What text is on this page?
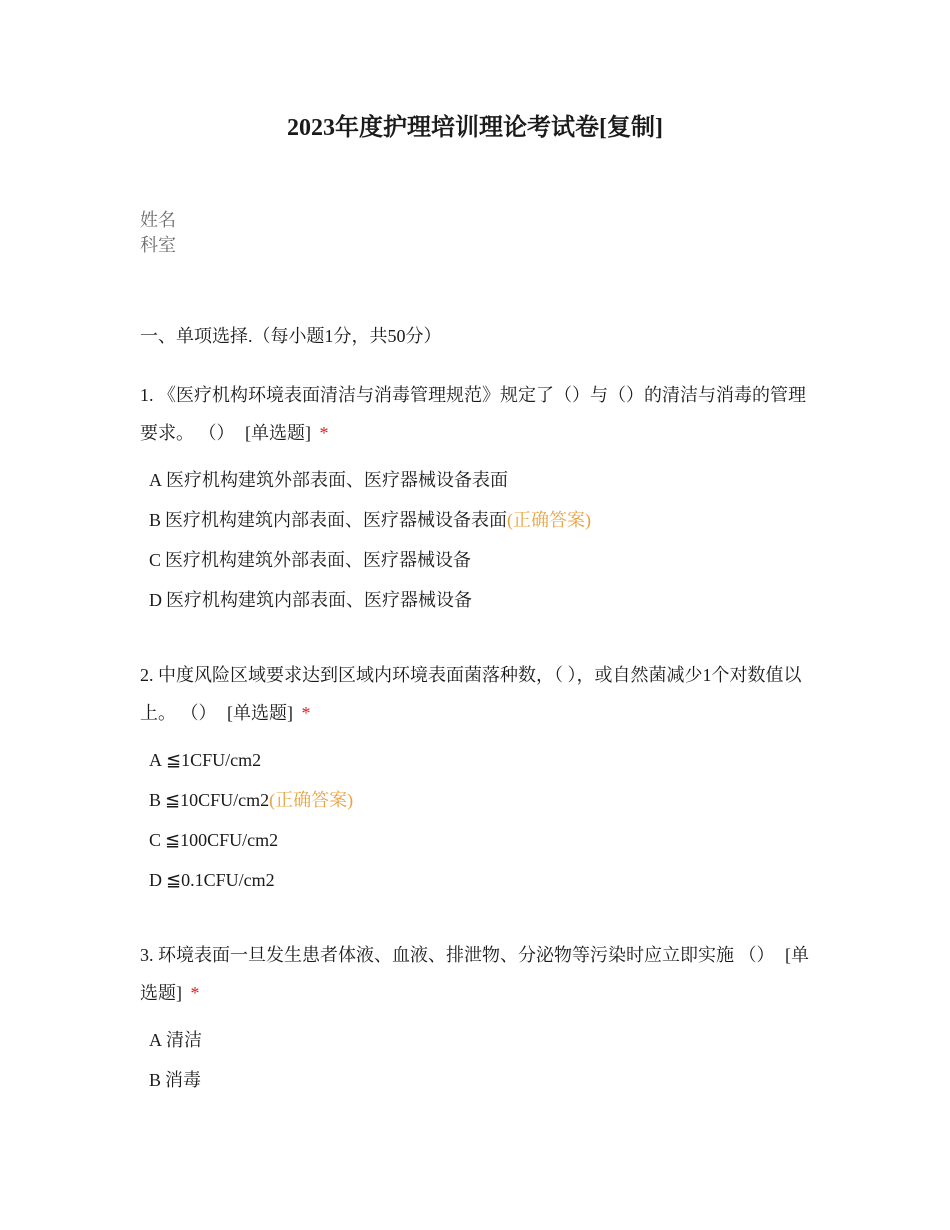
2023年度护理培训理论考试卷[复制]
姓名
科室
一、单项选择.（每小题1分，共50分）
1. 《医疗机构环境表面清洁与消毒管理规范》规定了（）与（）的清洁与消毒的管理要求。 （） [单选题] *
A 医疗机构建筑外部表面、医疗器械设备表面
B 医疗机构建筑内部表面、医疗器械设备表面(正确答案)
C 医疗机构建筑外部表面、医疗器械设备
D 医疗机构建筑内部表面、医疗器械设备
2. 中度风险区域要求达到区域内环境表面菌落种数，（ ），或自然菌减少1个对数值以上。 （） [单选题] *
A ≦1CFU/cm2
B ≦10CFU/cm2(正确答案)
C ≦100CFU/cm2
D ≦0.1CFU/cm2
3. 环境表面一旦发生患者体液、血液、排泄物、分泌物等污染时应立即实施 （） [单选题] *
A 清洁
B 消毒
